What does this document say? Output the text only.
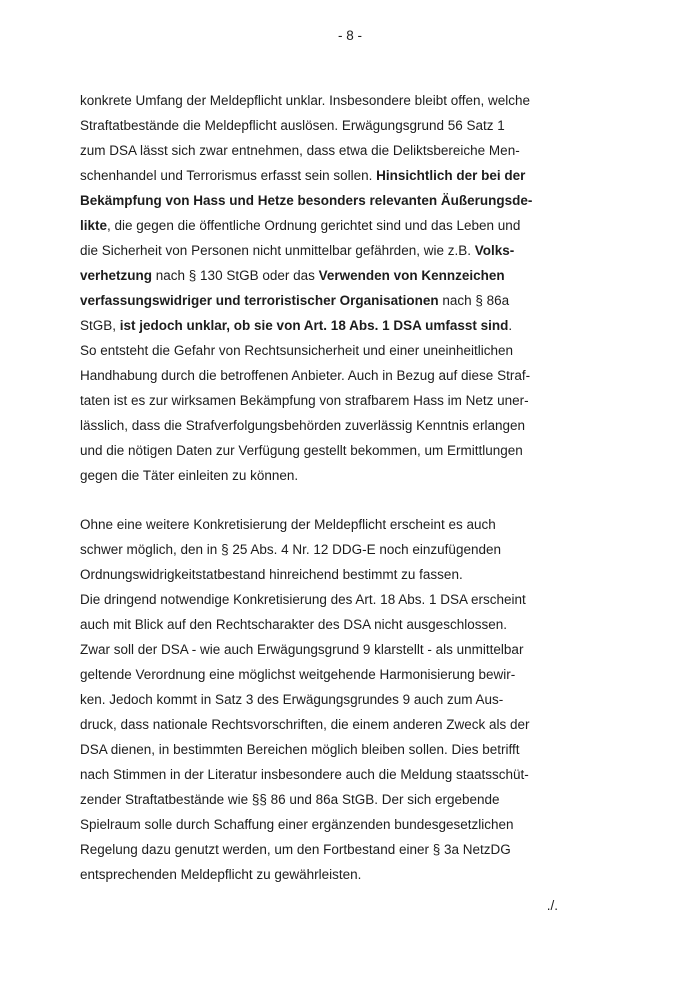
- 8 -
konkrete Umfang der Meldepflicht unklar. Insbesondere bleibt offen, welche
Straftatbestände die Meldepflicht auslösen. Erwägungsgrund 56 Satz 1
zum DSA lässt sich zwar entnehmen, dass etwa die Deliktsbereiche Men-
schenhandel und Terrorismus erfasst sein sollen. Hinsichtlich der bei der
Bekämpfung von Hass und Hetze besonders relevanten Äußerungsde-
likte, die gegen die öffentliche Ordnung gerichtet sind und das Leben und
die Sicherheit von Personen nicht unmittelbar gefährden, wie z.B. Volks-
verhetzung nach § 130 StGB oder das Verwenden von Kennzeichen
verfassungswidriger und terroristischer Organisationen nach § 86a
StGB, ist jedoch unklar, ob sie von Art. 18 Abs. 1 DSA umfasst sind.
So entsteht die Gefahr von Rechtsunsicherheit und einer uneinheitlichen
Handhabung durch die betroffenen Anbieter. Auch in Bezug auf diese Straf-
taten ist es zur wirksamen Bekämpfung von strafbarem Hass im Netz uner-
lässlich, dass die Strafverfolgungsbehörden zuverlässig Kenntnis erlangen
und die nötigen Daten zur Verfügung gestellt bekommen, um Ermittlungen
gegen die Täter einleiten zu können.
Ohne eine weitere Konkretisierung der Meldepflicht erscheint es auch
schwer möglich, den in § 25 Abs. 4 Nr. 12 DDG-E noch einzufügenden
Ordnungswidrigkeitstatbestand hinreichend bestimmt zu fassen.
Die dringend notwendige Konkretisierung des Art. 18 Abs. 1 DSA erscheint
auch mit Blick auf den Rechtscharakter des DSA nicht ausgeschlossen.
Zwar soll der DSA - wie auch Erwägungsgrund 9 klarstellt - als unmittelbar
geltende Verordnung eine möglichst weitgehende Harmonisierung bewir-
ken. Jedoch kommt in Satz 3 des Erwägungsgrundes 9 auch zum Aus-
druck, dass nationale Rechtsvorschriften, die einem anderen Zweck als der
DSA dienen, in bestimmten Bereichen möglich bleiben sollen. Dies betrifft
nach Stimmen in der Literatur insbesondere auch die Meldung staatsschüt-
zender Straftatbestände wie §§ 86 und 86a StGB. Der sich ergebende
Spielraum solle durch Schaffung einer ergänzenden bundesgesetzlichen
Regelung dazu genutzt werden, um den Fortbestand einer § 3a NetzDG
entsprechenden Meldepflicht zu gewährleisten.
./.
